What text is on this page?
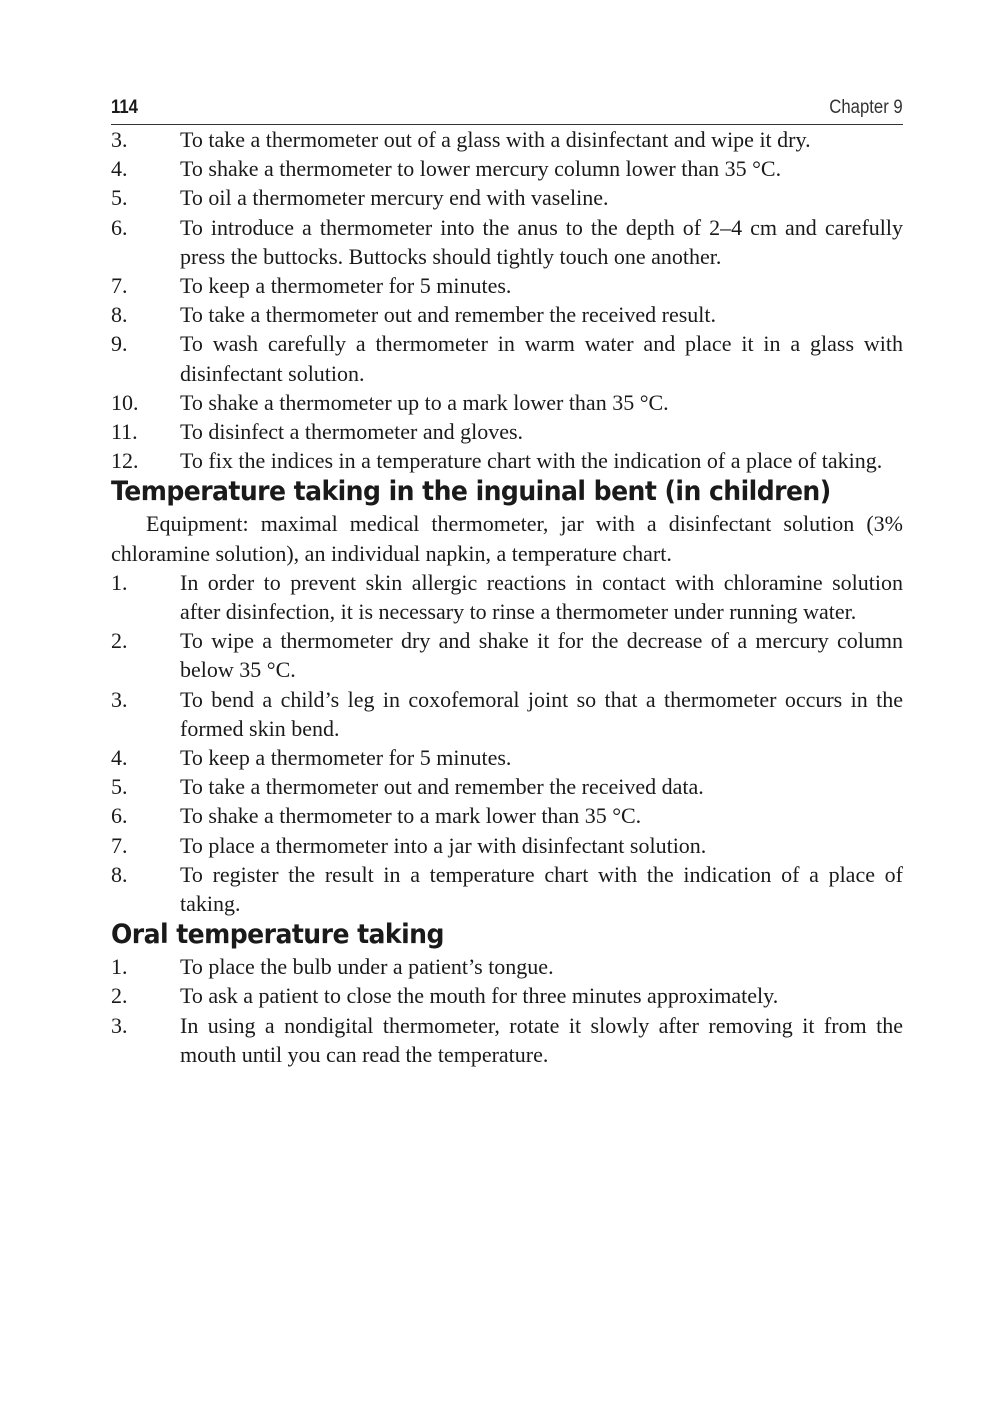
114	Chapter 9
3.	To take a thermometer out of a glass with a disinfectant and wipe it dry.
4.	To shake a thermometer to lower mercury column lower than 35 °C.
5.	To oil a thermometer mercury end with vaseline.
6.	To introduce a thermometer into the anus to the depth of 2–4 cm and carefully press the buttocks. Buttocks should tightly touch one another.
7.	To keep a thermometer for 5 minutes.
8.	To take a thermometer out and remember the received result.
9.	To wash carefully a thermometer in warm water and place it in a glass with disinfectant solution.
10.	To shake a thermometer up to a mark lower than 35 °C.
11.	To disinfect a thermometer and gloves.
12.	To fix the indices in a temperature chart with the indication of a place of taking.
Temperature taking in the inguinal bent (in children)

Equipment: maximal medical thermometer, jar with a disinfectant solution (3% chloramine solution), an individual napkin, a temperature chart.

1.	In order to prevent skin allergic reactions in contact with chloramine solution after disinfection, it is necessary to rinse a thermometer under running water.
2.	To wipe a thermometer dry and shake it for the decrease of a mercury column below 35 °C.
3.	To bend a child’s leg in coxofemoral joint so that a thermometer occurs in the formed skin bend.
4.	To keep a thermometer for 5 minutes.
5.	To take a thermometer out and remember the received data.
6.	To shake a thermometer to a mark lower than 35 °C.
7.	To place a thermometer into a jar with disinfectant solution.
8.	To register the result in a temperature chart with the indication of a place of taking.
Oral temperature taking
1.	To place the bulb under a patient’s tongue.
2.	To ask a patient to close the mouth for three minutes approximately.
3.	In using a nondigital thermometer, rotate it slowly after removing it from the mouth until you can read the temperature.
